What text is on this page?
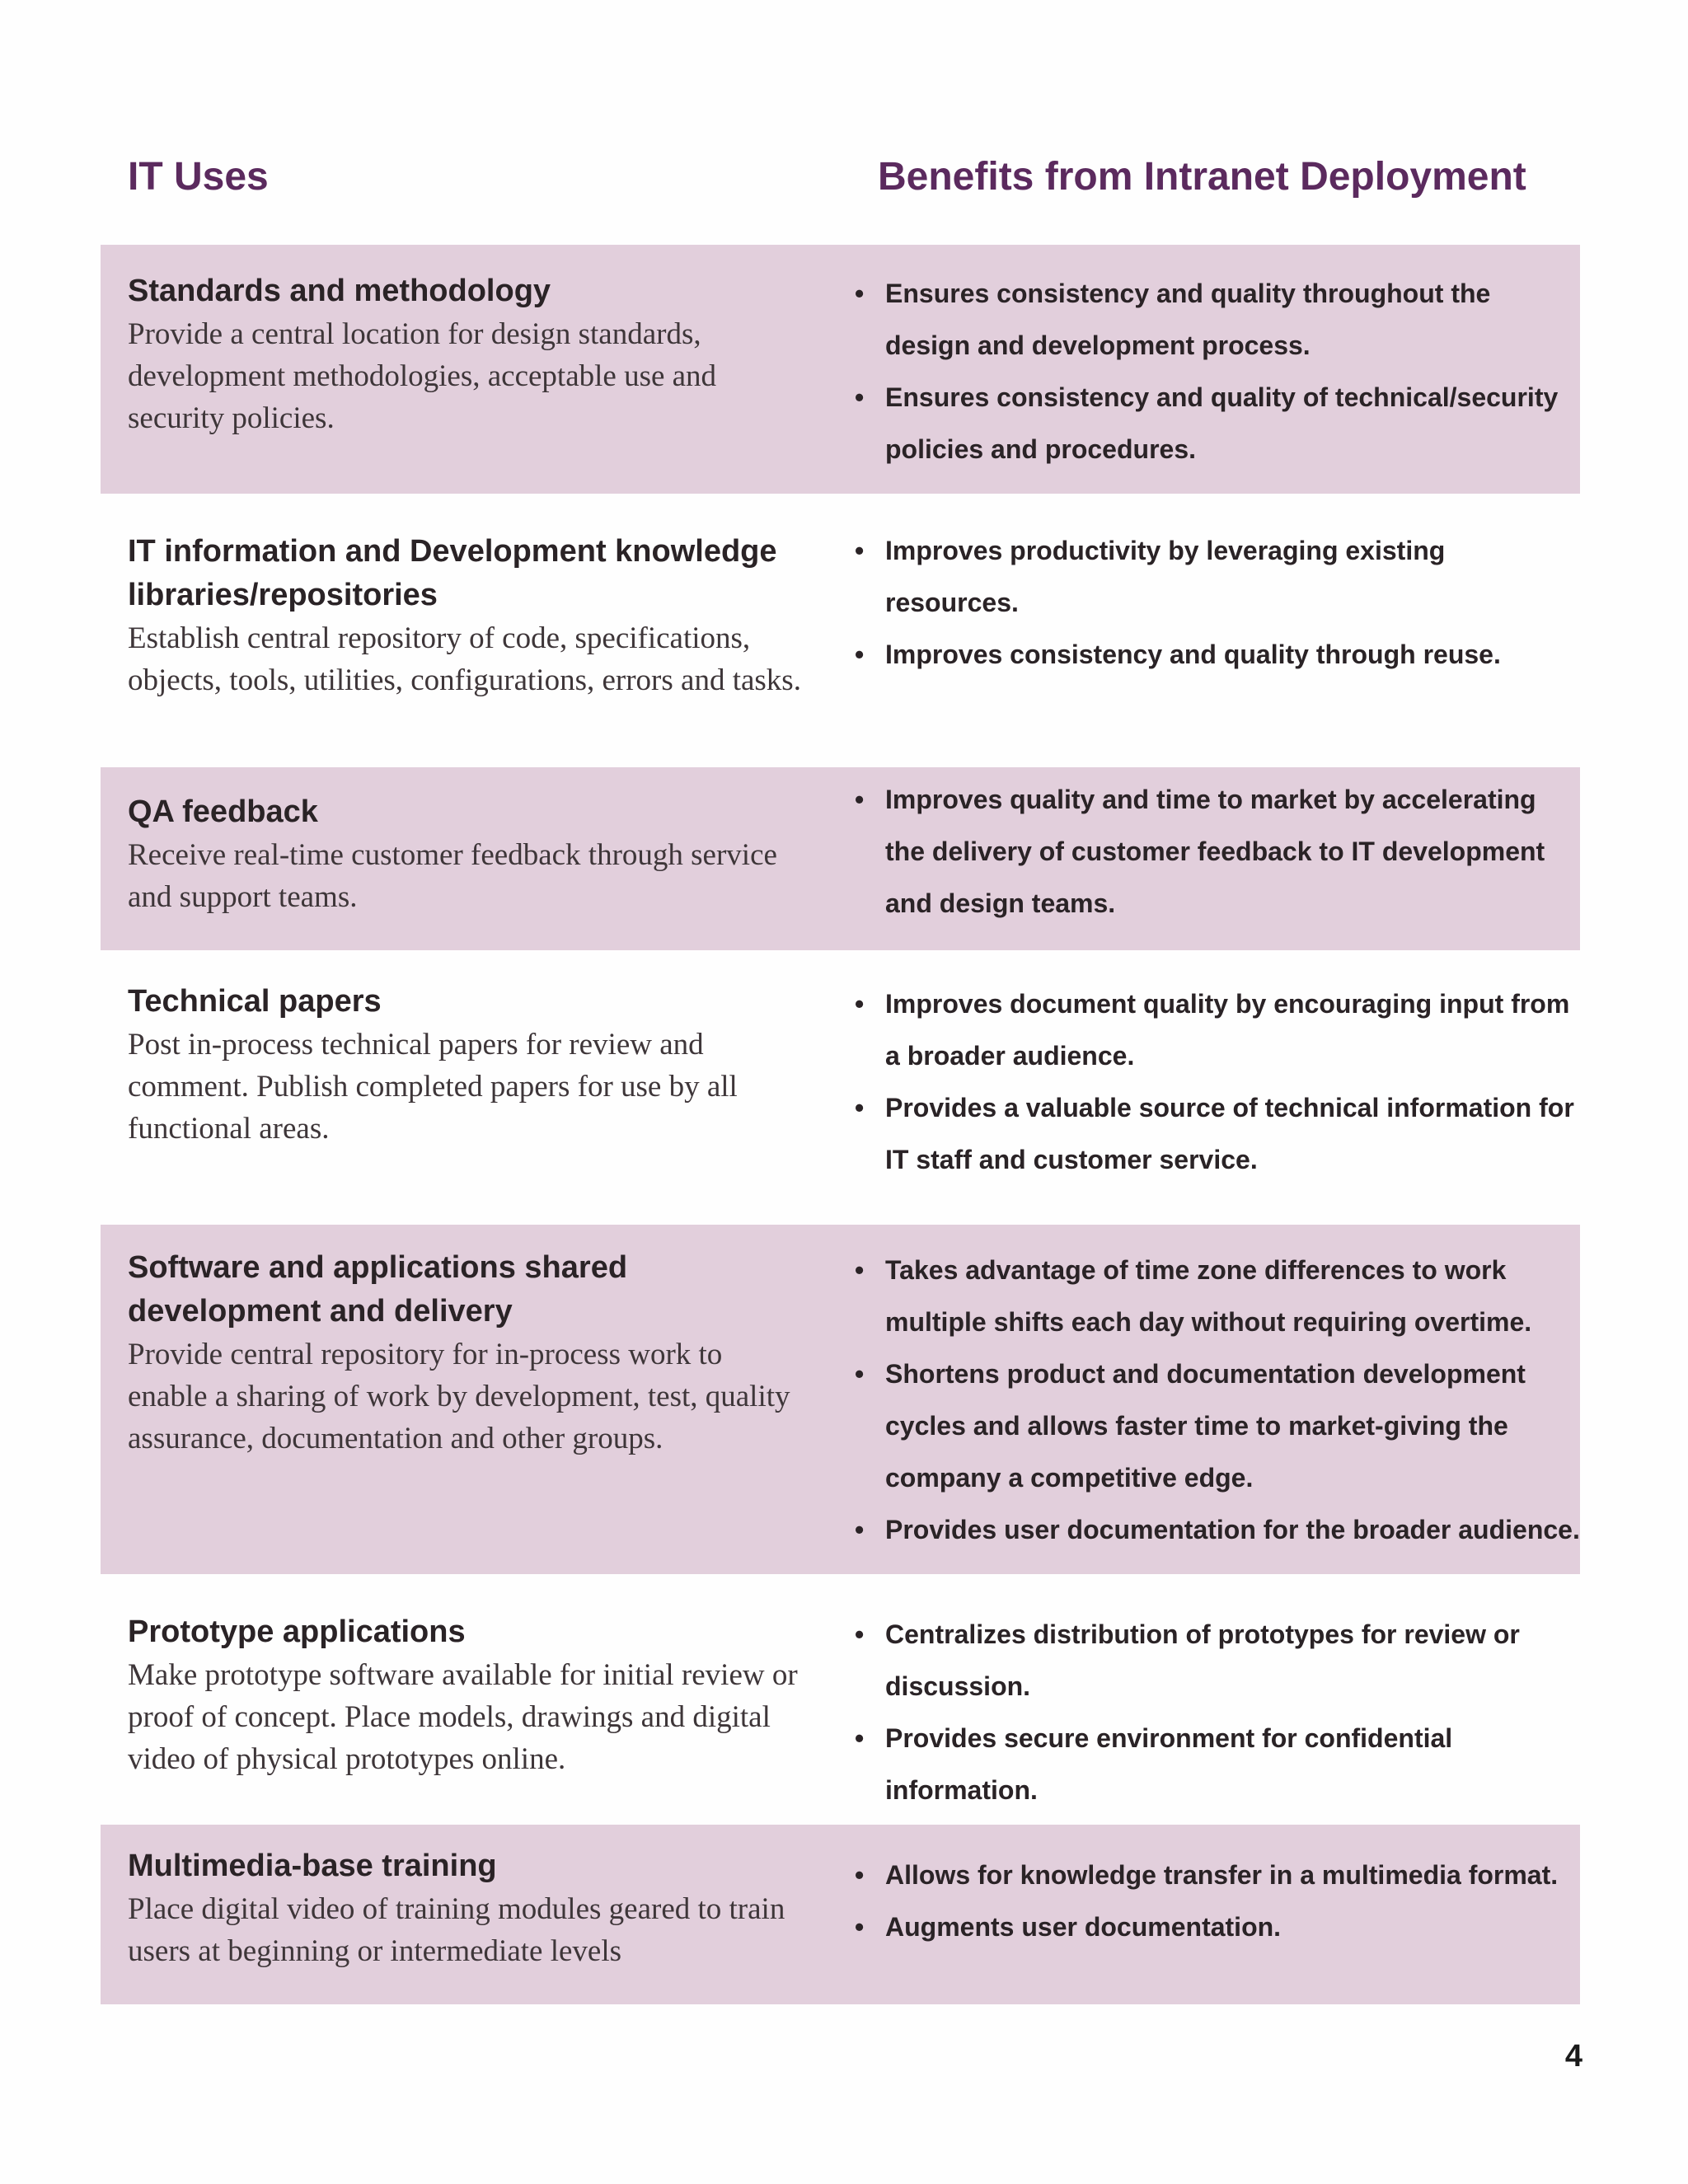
IT Uses	Benefits from Intranet Deployment

Standards and methodology

Provide a central location for design standards, development methodologies, acceptable use and security policies.

• Ensures consistency and quality throughout the design and development process.
• Ensures consistency and quality of technical/security policies and procedures.

IT information and Development knowledge libraries/repositories

Establish central repository of code, specifications, objects, tools, utilities, configurations, errors and tasks.

• Improves productivity by leveraging existing resources.
• Improves consistency and quality through reuse.

QA feedback

Receive real-time customer feedback through service and support teams.

• Improves quality and time to market by accelerating the delivery of customer feedback to IT development and design teams.

Technical papers

Post in-process technical papers for review and comment. Publish completed papers for use by all functional areas.

• Improves document quality by encouraging input from a broader audience.
• Provides a valuable source of technical information for IT staff and customer service.

Software and applications shared development and delivery

Provide central repository for in-process work to enable a sharing of work by development, test, quality assurance, documentation and other groups.

• Takes advantage of time zone differences to work multiple shifts each day without requiring overtime.
• Shortens product and documentation development cycles and allows faster time to market-giving the company a competitive edge.
• Provides user documentation for the broader audience.

Prototype applications

Make prototype software available for initial review or proof of concept. Place models, drawings and digital video of physical prototypes online.

• Centralizes distribution of prototypes for review or discussion.
• Provides secure environment for confidential information.

Multimedia-base training

Place digital video of training modules geared to train users at beginning or intermediate levels

• Allows for knowledge transfer in a multimedia format.
• Augments user documentation.
4
